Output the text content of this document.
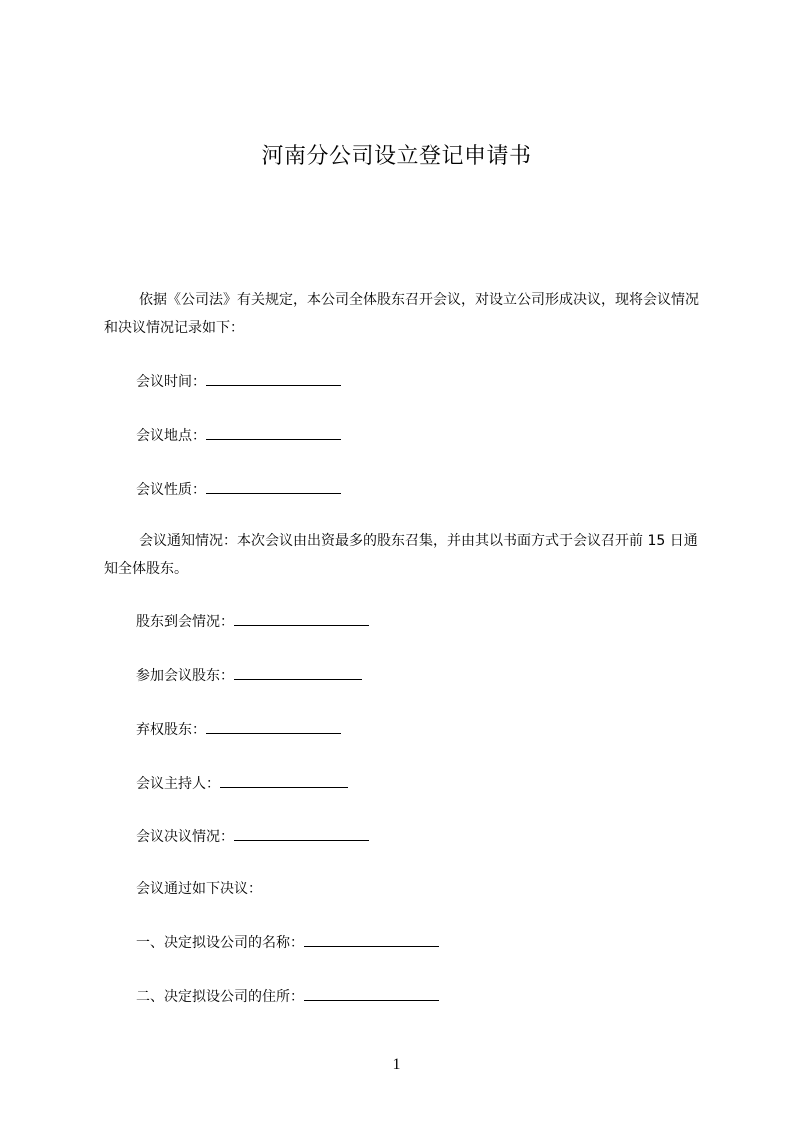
河南分公司设立登记申请书
依据《公司法》有关规定，本公司全体股东召开会议，对设立公司形成决议，现将会议情况和决议情况记录如下：
会议时间：
会议地点：
会议性质：
会议通知情况：本次会议由出资最多的股东召集，并由其以书面方式于会议召开前 15 日通知全体股东。
股东到会情况：
参加会议股东：
弃权股东：
会议主持人：
会议决议情况：
会议通过如下决议：
一、决定拟设公司的名称：
二、决定拟设公司的住所：
1
